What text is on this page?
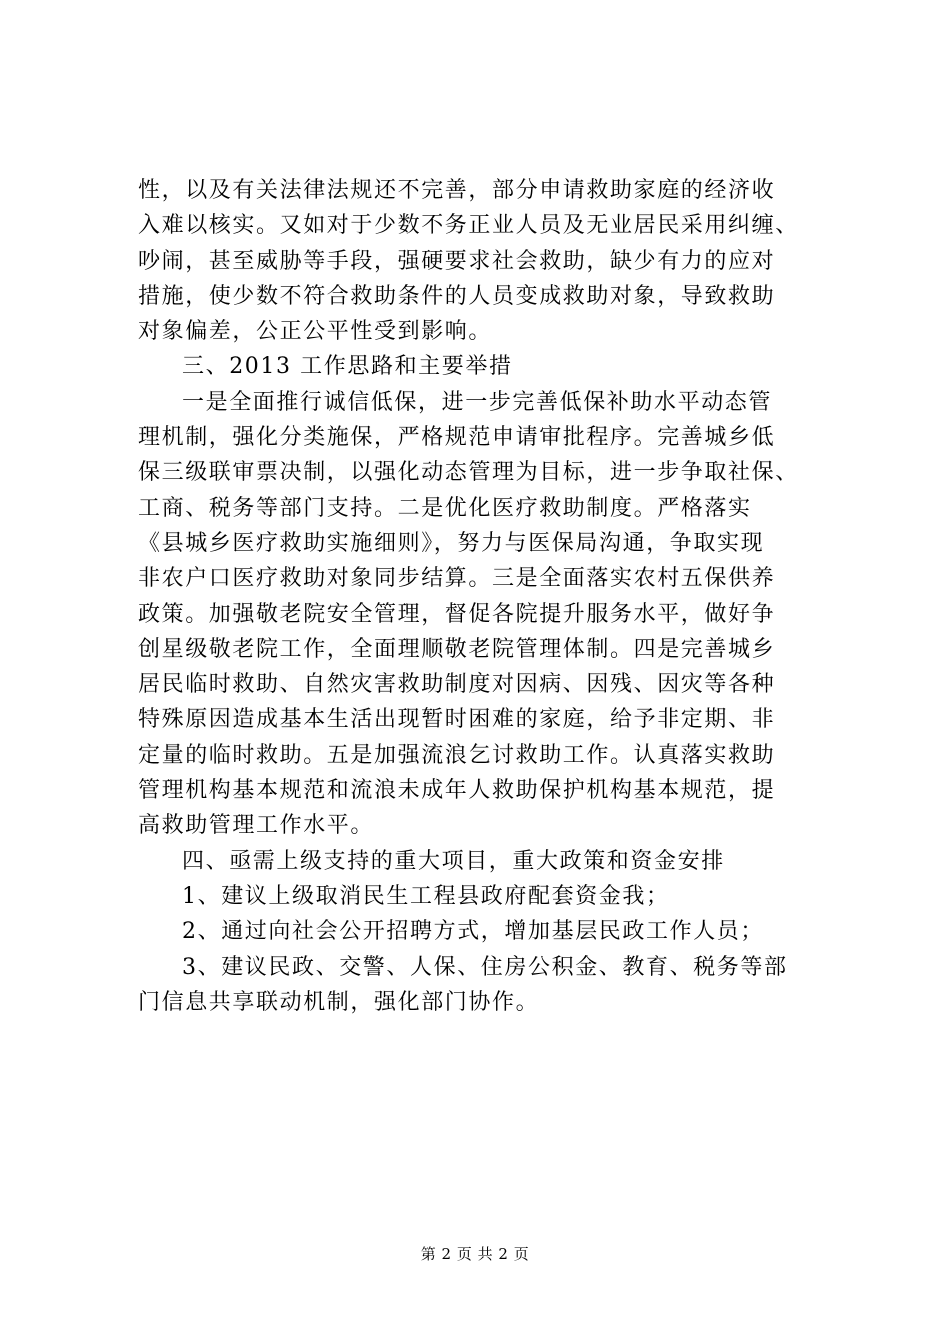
性，以及有关法律法规还不完善，部分申请救助家庭的经济收
入难以核实。又如对于少数不务正业人员及无业居民采用纠缠、
吵闹，甚至威胁等手段，强硬要求社会救助，缺少有力的应对
措施，使少数不符合救助条件的人员变成救助对象，导致救助
对象偏差，公正公平性受到影响。
三、2013 工作思路和主要举措
一是全面推行诚信低保，进一步完善低保补助水平动态管
理机制，强化分类施保，严格规范申请审批程序。完善城乡低
保三级联审票决制，以强化动态管理为目标，进一步争取社保、
工商、税务等部门支持。二是优化医疗救助制度。严格落实
《县城乡医疗救助实施细则》，努力与医保局沟通，争取实现
非农户口医疗救助对象同步结算。三是全面落实农村五保供养
政策。加强敬老院安全管理，督促各院提升服务水平，做好争
创星级敬老院工作，全面理顺敬老院管理体制。四是完善城乡
居民临时救助、自然灾害救助制度对因病、因残、因灾等各种
特殊原因造成基本生活出现暂时困难的家庭，给予非定期、非
定量的临时救助。五是加强流浪乞讨救助工作。认真落实救助
管理机构基本规范和流浪未成年人救助保护机构基本规范，提
高救助管理工作水平。
四、亟需上级支持的重大项目，重大政策和资金安排
1、建议上级取消民生工程县政府配套资金我；
2、通过向社会公开招聘方式，增加基层民政工作人员；
3、建议民政、交警、人保、住房公积金、教育、税务等部
门信息共享联动机制，强化部门协作。
第 2 页 共 2 页
